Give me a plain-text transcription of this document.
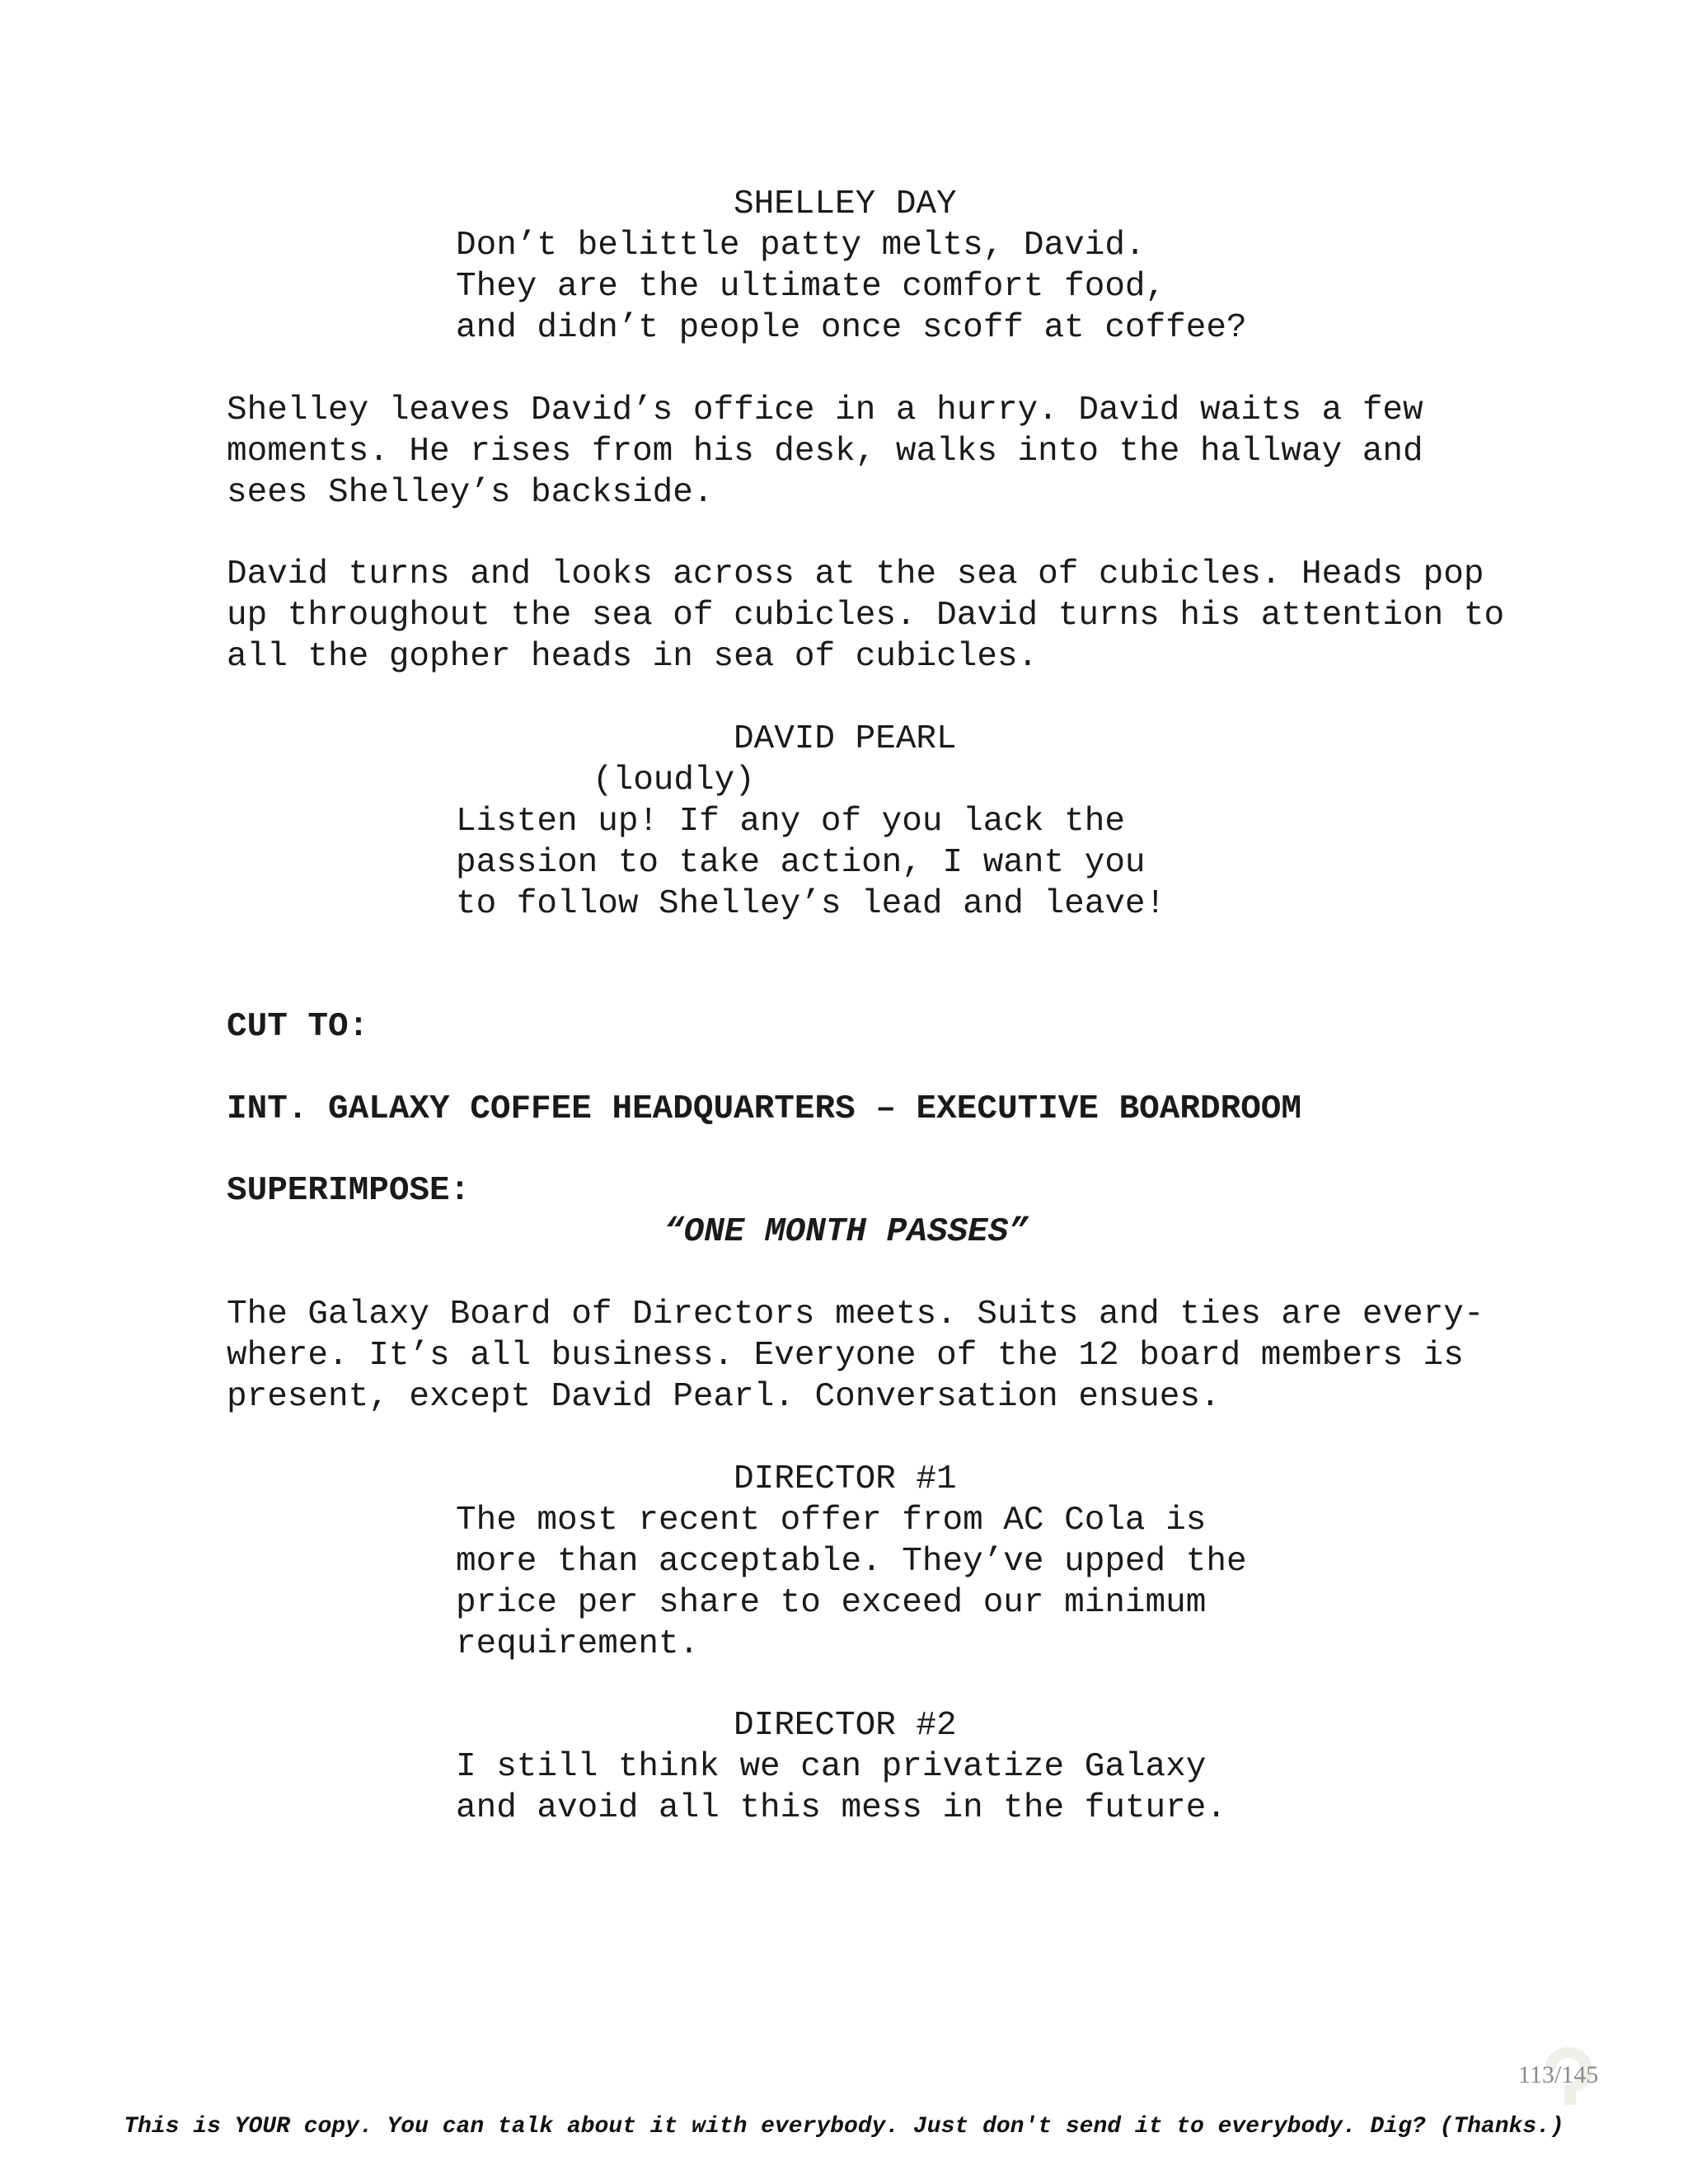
SHELLEY DAY
Don’t belittle patty melts, David.
They are the ultimate comfort food,
and didn’t people once scoff at coffee?
Shelley leaves David’s office in a hurry. David waits a few
moments. He rises from his desk, walks into the hallway and
sees Shelley’s backside.
David turns and looks across at the sea of cubicles. Heads pop
up throughout the sea of cubicles. David turns his attention to
all the gopher heads in sea of cubicles.
DAVID PEARL
(loudly)
Listen up! If any of you lack the
passion to take action, I want you
to follow Shelley’s lead and leave!
CUT TO:
INT. GALAXY COFFEE HEADQUARTERS – EXECUTIVE BOARDROOM
SUPERIMPOSE:
“ONE MONTH PASSES”
The Galaxy Board of Directors meets. Suits and ties are every-
where. It’s all business. Everyone of the 12 board members is
present, except David Pearl. Conversation ensues.
DIRECTOR #1
The most recent offer from AC Cola is
more than acceptable. They’ve upped the
price per share to exceed our minimum
requirement.
DIRECTOR #2
I still think we can privatize Galaxy
and avoid all this mess in the future.
113/145
This is YOUR copy. You can talk about it with everybody. Just don't send it to everybody. Dig? (Thanks.)
